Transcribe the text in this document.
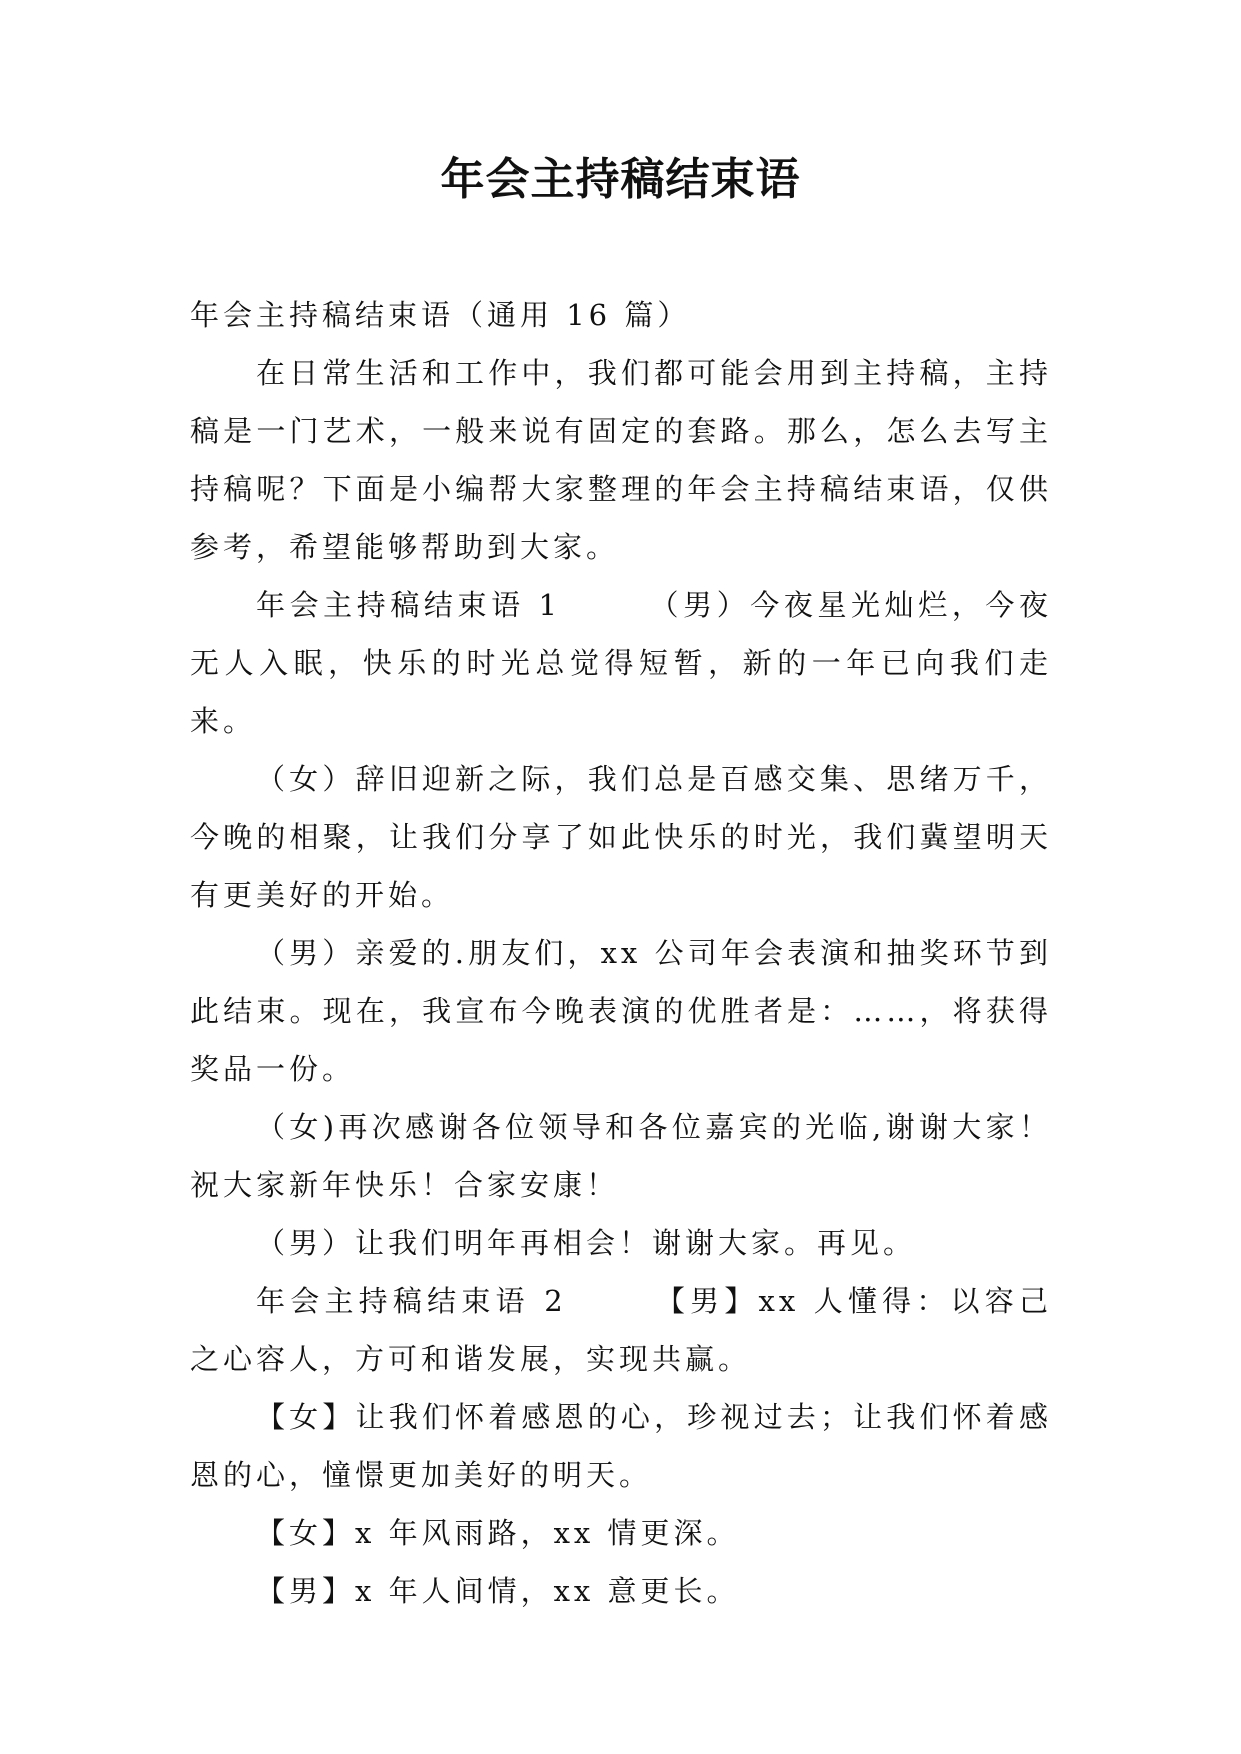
年会主持稿结束语

年会主持稿结束语（通用 16 篇）

在日常生活和工作中，我们都可能会用到主持稿，主持稿是一门艺术，一般来说有固定的套路。那么，怎么去写主持稿呢？下面是小编帮大家整理的年会主持稿结束语，仅供参考，希望能够帮助到大家。

年会主持稿结束语 1	（男）今夜星光灿烂，今夜无人入眠，快乐的时光总觉得短暂，新的一年已向我们走来。

（女）辞旧迎新之际，我们总是百感交集、思绪万千，今晚的相聚，让我们分享了如此快乐的时光，我们冀望明天有更美好的开始。

（男）亲爱的.朋友们，xx 公司年会表演和抽奖环节到此结束。现在，我宣布今晚表演的优胜者是：……，将获得奖品一份。

（女)再次感谢各位领导和各位嘉宾的光临,谢谢大家！祝大家新年快乐！合家安康！

（男）让我们明年再相会！谢谢大家。再见。

年会主持稿结束语 2	【男】xx 人懂得：以容己之心容人，方可和谐发展，实现共赢。

【女】让我们怀着感恩的心，珍视过去；让我们怀着感恩的心，憧憬更加美好的明天。

【女】x 年风雨路，xx 情更深。

【男】x 年人间情，xx 意更长。
